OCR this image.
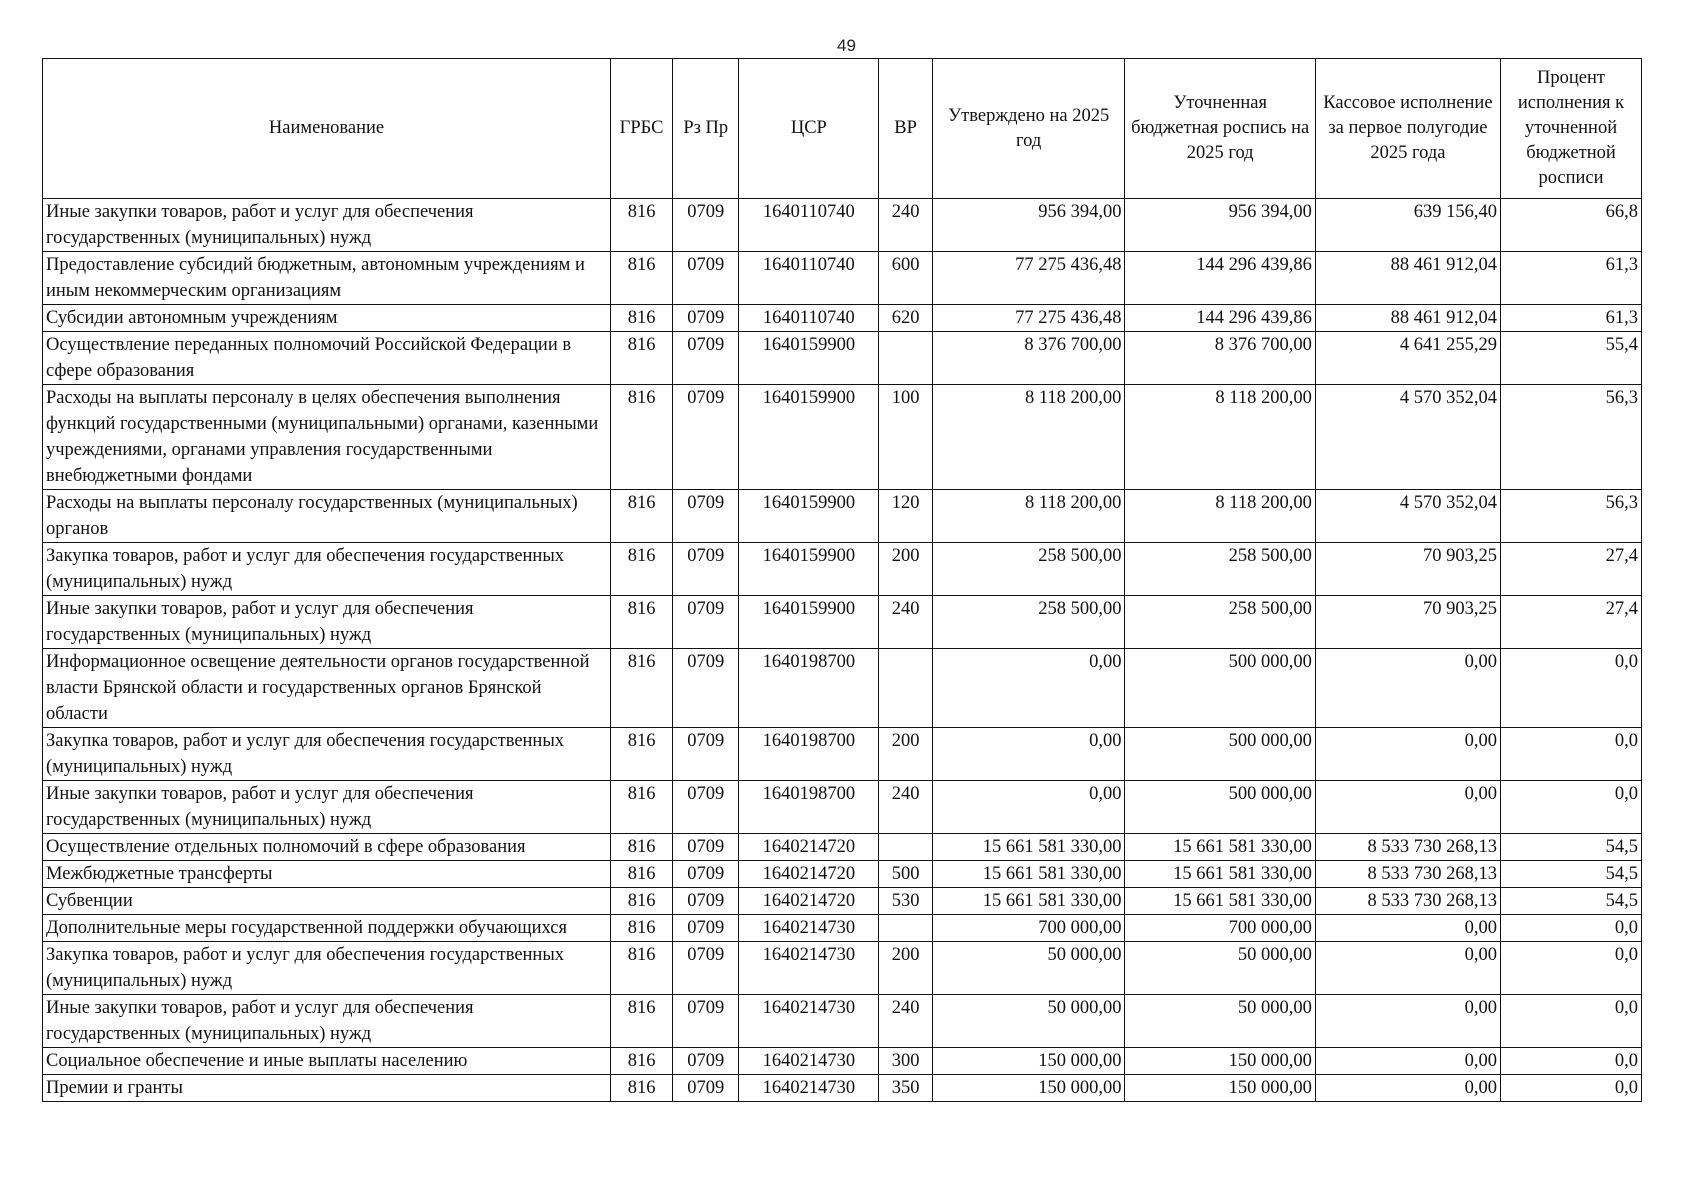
49
Наименование	ГРБС	Рз Пр	ЦСР	ВР	Утверждено на 2025 год	Уточненная бюджетная роспись на 2025 год	Кассовое исполнение за первое полугодие 2025 года	Процент исполнения к уточненной бюджетной росписи
Иные закупки товаров, работ и услуг для обеспечения государственных (муниципальных) нужд	816	0709	1640110740	240	956 394,00	956 394,00	639 156,40	66,8
Предоставление субсидий бюджетным, автономным учреждениям и иным некоммерческим организациям	816	0709	1640110740	600	77 275 436,48	144 296 439,86	88 461 912,04	61,3
Субсидии автономным учреждениям	816	0709	1640110740	620	77 275 436,48	144 296 439,86	88 461 912,04	61,3
Осуществление переданных полномочий Российской Федерации в сфере образования	816	0709	1640159900		8 376 700,00	8 376 700,00	4 641 255,29	55,4
Расходы на выплаты персоналу в целях обеспечения выполнения функций государственными (муниципальными) органами, казенными учреждениями, органами управления государственными внебюджетными фондами	816	0709	1640159900	100	8 118 200,00	8 118 200,00	4 570 352,04	56,3
Расходы на выплаты персоналу государственных (муниципальных) органов	816	0709	1640159900	120	8 118 200,00	8 118 200,00	4 570 352,04	56,3
Закупка товаров, работ и услуг для обеспечения государственных (муниципальных) нужд	816	0709	1640159900	200	258 500,00	258 500,00	70 903,25	27,4
Иные закупки товаров, работ и услуг для обеспечения государственных (муниципальных) нужд	816	0709	1640159900	240	258 500,00	258 500,00	70 903,25	27,4
Информационное освещение деятельности органов государственной власти Брянской области и государственных органов Брянской области	816	0709	1640198700		0,00	500 000,00	0,00	0,0
Закупка товаров, работ и услуг для обеспечения государственных (муниципальных) нужд	816	0709	1640198700	200	0,00	500 000,00	0,00	0,0
Иные закупки товаров, работ и услуг для обеспечения государственных (муниципальных) нужд	816	0709	1640198700	240	0,00	500 000,00	0,00	0,0
Осуществление отдельных полномочий в сфере образования	816	0709	1640214720		15 661 581 330,00	15 661 581 330,00	8 533 730 268,13	54,5
Межбюджетные трансферты	816	0709	1640214720	500	15 661 581 330,00	15 661 581 330,00	8 533 730 268,13	54,5
Субвенции	816	0709	1640214720	530	15 661 581 330,00	15 661 581 330,00	8 533 730 268,13	54,5
Дополнительные меры государственной поддержки обучающихся	816	0709	1640214730		700 000,00	700 000,00	0,00	0,0
Закупка товаров, работ и услуг для обеспечения государственных (муниципальных) нужд	816	0709	1640214730	200	50 000,00	50 000,00	0,00	0,0
Иные закупки товаров, работ и услуг для обеспечения государственных (муниципальных) нужд	816	0709	1640214730	240	50 000,00	50 000,00	0,00	0,0
Социальное обеспечение и иные выплаты населению	816	0709	1640214730	300	150 000,00	150 000,00	0,00	0,0
Премии и гранты	816	0709	1640214730	350	150 000,00	150 000,00	0,00	0,0
